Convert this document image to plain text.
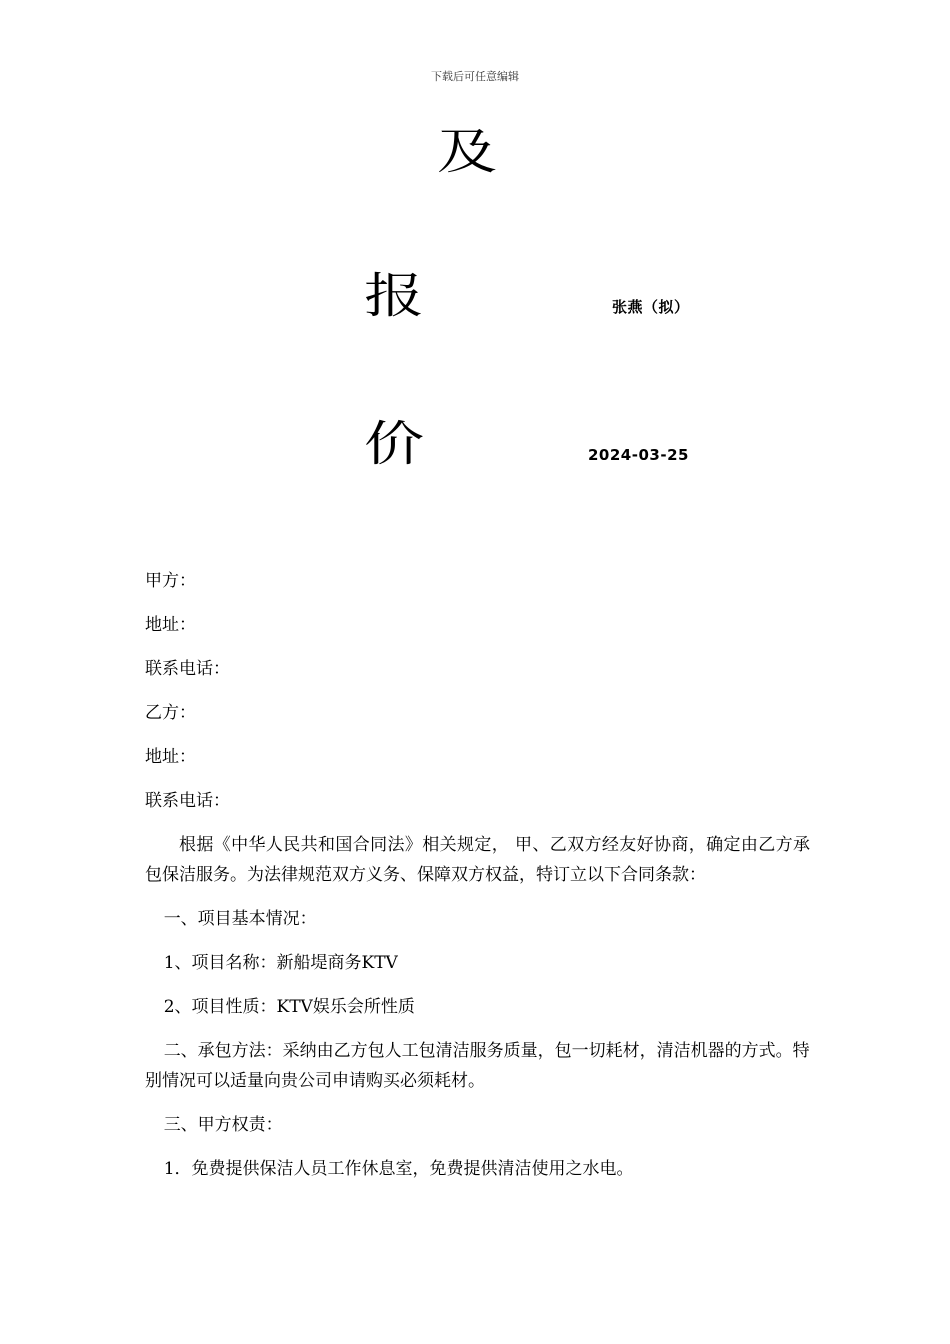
下载后可任意编辑
及
报
价
张燕（拟）
2024-03-25

甲方：

地址：

联系电话：

乙方：

地址：

联系电话：

根据《中华人民共和国合同法》相关规定， 甲、乙双方经友好协商，确定由乙方承包保洁服务。为法律规范双方义务、保障双方权益，特订立以下合同条款：

一、项目基本情况：

1、项目名称：新船堤商务KTV

2、项目性质：KTV娱乐会所性质

二、承包方法：采纳由乙方包人工包清洁服务质量，包一切耗材，清洁机器的方式。特别情况可以适量向贵公司申请购买必须耗材。

三、甲方权责：

1．免费提供保洁人员工作休息室，免费提供清洁使用之水电。
